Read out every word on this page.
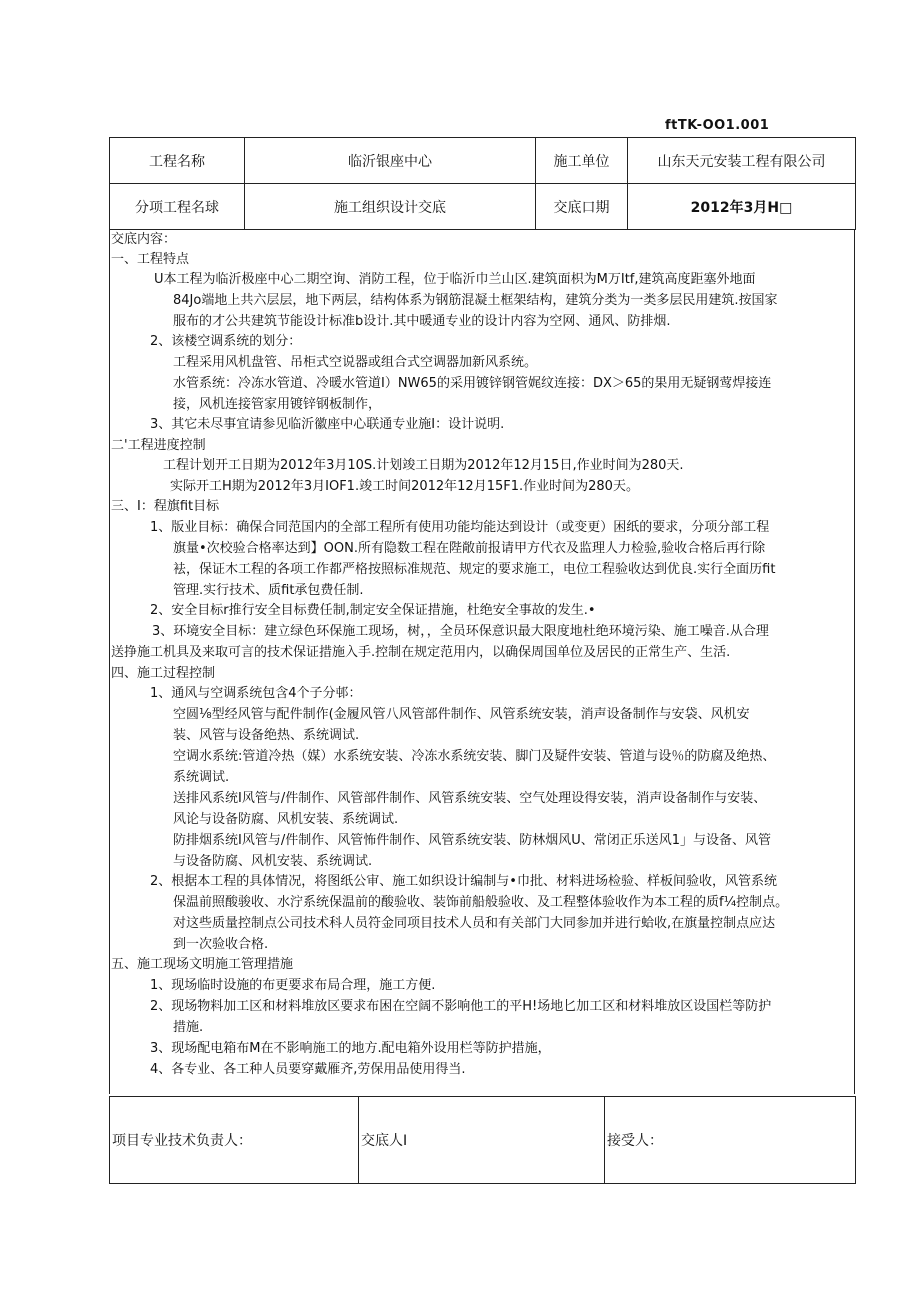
ftTK-OO1.001
工程名称	临沂银座中心	施工单位	山东天元安装工程有限公司
分项工程名球	施工组织设计交底	交底口期	2012年3月H□
交底内容：
一、工程特点
U本工程为临沂极座中心二期空询、消防工程，位于临沂巾兰山区.建筑面枳为M万Itf,建筑高度距塞外地面
84Jo端地上共六层层，地下两层，结构体系为钢筋混凝土框架结构，建筑分类为一类多层民用建筑.按国家
服布的才公共建筑节能设计标准b设计.其中暖通专业的设计内容为空网、通风、防排烟.
2、该楼空调系统的划分：
工程采用风机盘管、吊柜式空说器或组合式空调器加新风系统。
水管系统：冷冻水管道、冷暖水管道I）NW65的采用镀锌钢管娓纹连接：DX＞65的果用无疑钢莺焊接连
接，风机连接管家用镀锌钢板制作，
3、其它未尽事宜请参见临沂徽座中心联通专业施I：设计说明.
二'工程进度控制
工程计划开工日期为2012年3月10S.计划竣工日期为2012年12月15日,作业时间为280天.
实际开工H期为2012年3月IOF1.竣工时间2012年12月15F1.作业时间为280天。
三、I：程旗fit目标
1、版业目标：确保合同范国内的全部工程所有使用功能均能达到设计（或变更）困纸的要求，分项分部工程
旗量•次校验合格率达到】OON.所有隐数工程在陛敞前报请甲方代衣及监理人力检验,验收合格后再行除
袪，保证木工程的各项工作都严格按照标准规范、规定的要求施工，电位工程验收达到优良.实行全面历fit
管理.实行技术、质fit承包费任制.
2、安全目标r推行安全目标费任制,制定安全保证措施，杜绝安全事故的发生.•
3、环境安全目标：建立绿色环保施工现场，树，，全员环保意识最大限度地杜绝环境污染、施工噪音.从合理
送挣施工机具及来取可言的技术保证措施入手.控制在规定范用内，以确保周国单位及居民的正常生产、生活.
四、施工过程控制
1、通风与空调系统包含4个子分邨：
空圆⅛型经风管与配件制作(金履风管八风管部件制作、风管系统安装，消声设备制作与安袋、风机安
装、风管与设备绝热、系统调试.
空调水系统:管道冷热（媒）水系统安装、冷冻水系统安装、脚门及疑件安装、管道与设％的防腐及绝热、
系统调试.
送排风系统I风管与/件制作、风管部件制作、风管系统安装、空气处理设得安装，消声设备制作与安装、
风论与设备防腐、风机安装、系统调试.
防排烟系统I风管与/件制作、风管怖件制作、风管系统安装、防林烟风U、常闭正乐送风1」与设备、风管
与设备防腐、风机安装、系统调试.
2、根据本工程的具体情况，将图纸公审、施工如织设计编制与•巾批、材料进场检验、样板间验收，风管系统
保温前照酸骏收、水泞系统保温前的酸验收、装饰前船般验收、及工程整体验收作为本工程的质f¼控制点。
对这些质量控制点公司技术科人员符金同项目技术人员和有关部门大同参加并进行蛤收,在旗量控制点应达
到一次验收合格.
五、施工现场文明施工管理措施
1、现场临时设施的布更要求布局合理，施工方便.
2、现场物料加工区和材料堆放区要求布困在空阔不影响他工的平H!场地匕加工区和材料堆放区设国栏等防护
措施.
3、现场配电箱布M在不影响施工的地方.配电箱外设用栏等防护措施，
4、各专业、各工种人员要穿戴雁齐,劳保用品使用得当.
项目专业技术负责人：	交底人I	接受人：
